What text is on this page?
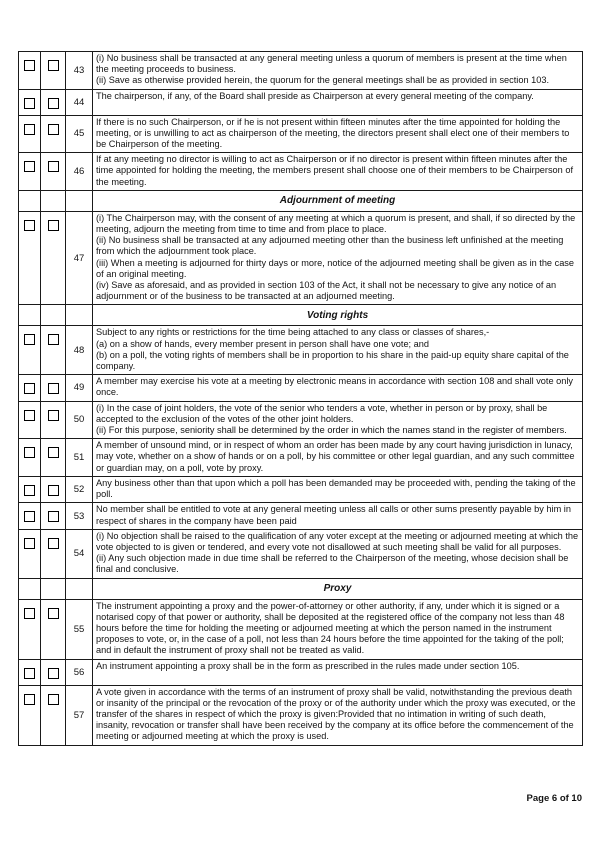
		43	(i) No business shall be transacted at any general meeting unless a quorum of members is present at the time when the meeting proceeds to business.
(ii) Save as otherwise provided herein, the quorum for the general meetings shall be as provided in section 103.
		44	The chairperson, if any, of the Board shall preside as Chairperson at every general meeting of the company.
		45	If there is no such Chairperson, or if he is not present within fifteen minutes after the time appointed for holding the meeting, or is unwilling to act as chairperson of the meeting, the directors present shall elect one of their members to be Chairperson of the meeting.
		46	If at any meeting no director is willing to act as Chairperson or if no director is present within fifteen minutes after the time appointed for holding the meeting, the members present shall choose one of their members to be Chairperson of the meeting.
			Adjournment of meeting
		47	(i) The Chairperson may, with the consent of any meeting at which a quorum is present, and shall, if so directed by the meeting, adjourn the meeting from time to time and from place to place.
(ii) No business shall be transacted at any adjourned meeting other than the business left unfinished at the meeting from which the adjournment took place.
(iii) When a meeting is adjourned for thirty days or more, notice of the adjourned meeting shall be given as in the case of an original meeting.
(iv) Save as aforesaid, and as provided in section 103 of the Act, it shall not be necessary to give any notice of an adjournment or of the business to be transacted at an adjourned meeting.
			Voting rights
		48	Subject to any rights or restrictions for the time being attached to any class or classes of shares,-
(a) on a show of hands, every member present in person shall have one vote; and
(b) on a poll, the voting rights of members shall be in proportion to his share in the paid-up equity share capital of the company.
		49	A member may exercise his vote at a meeting by electronic means in accordance with section 108 and shall vote only once.
		50	(i) In the case of joint holders, the vote of the senior who tenders a vote, whether in person or by proxy, shall be accepted to the exclusion of the votes of the other joint holders.
(ii) For this purpose, seniority shall be determined by the order in which the names stand in the register of members.
		51	A member of unsound mind, or in respect of whom an order has been made by any court having jurisdiction in lunacy, may vote, whether on a show of hands or on a poll, by his committee or other legal guardian, and any such committee or guardian may, on a poll, vote by proxy.
		52	Any business other than that upon which a poll has been demanded may be proceeded with, pending the taking of the poll.
		53	No member shall be entitled to vote at any general meeting unless all calls or other sums presently payable by him in respect of shares in the company have been paid
		54	(i) No objection shall be raised to the qualification of any voter except at the meeting or adjourned meeting at which the vote objected to is given or tendered, and every vote not disallowed at such meeting shall be valid for all purposes.
(ii) Any such objection made in due time shall be referred to the Chairperson of the meeting, whose decision shall be final and conclusive.
			Proxy
		55	The instrument appointing a proxy and the power-of-attorney or other authority, if any, under which it is signed or a notarised copy of that power or authority, shall be deposited at the registered office of the company not less than 48 hours before the time for holding the meeting or adjourned meeting at which the person named in the instrument proposes to vote, or, in the case of a poll, not less than 24 hours before the time appointed for the taking of the poll; and in default the instrument of proxy shall not be treated as valid.
		56	An instrument appointing a proxy shall be in the form as prescribed in the rules made under section 105.
		57	A vote given in accordance with the terms of an instrument of proxy shall be valid, notwithstanding the previous death or insanity of the principal or the revocation of the proxy or of the authority under which the proxy was executed, or the transfer of the shares in respect of which the proxy is given:Provided that no intimation in writing of such death, insanity, revocation or transfer shall have been received by the company at its office before the commencement of the meeting or adjourned meeting at which the proxy is used.
Page 6 of 10
